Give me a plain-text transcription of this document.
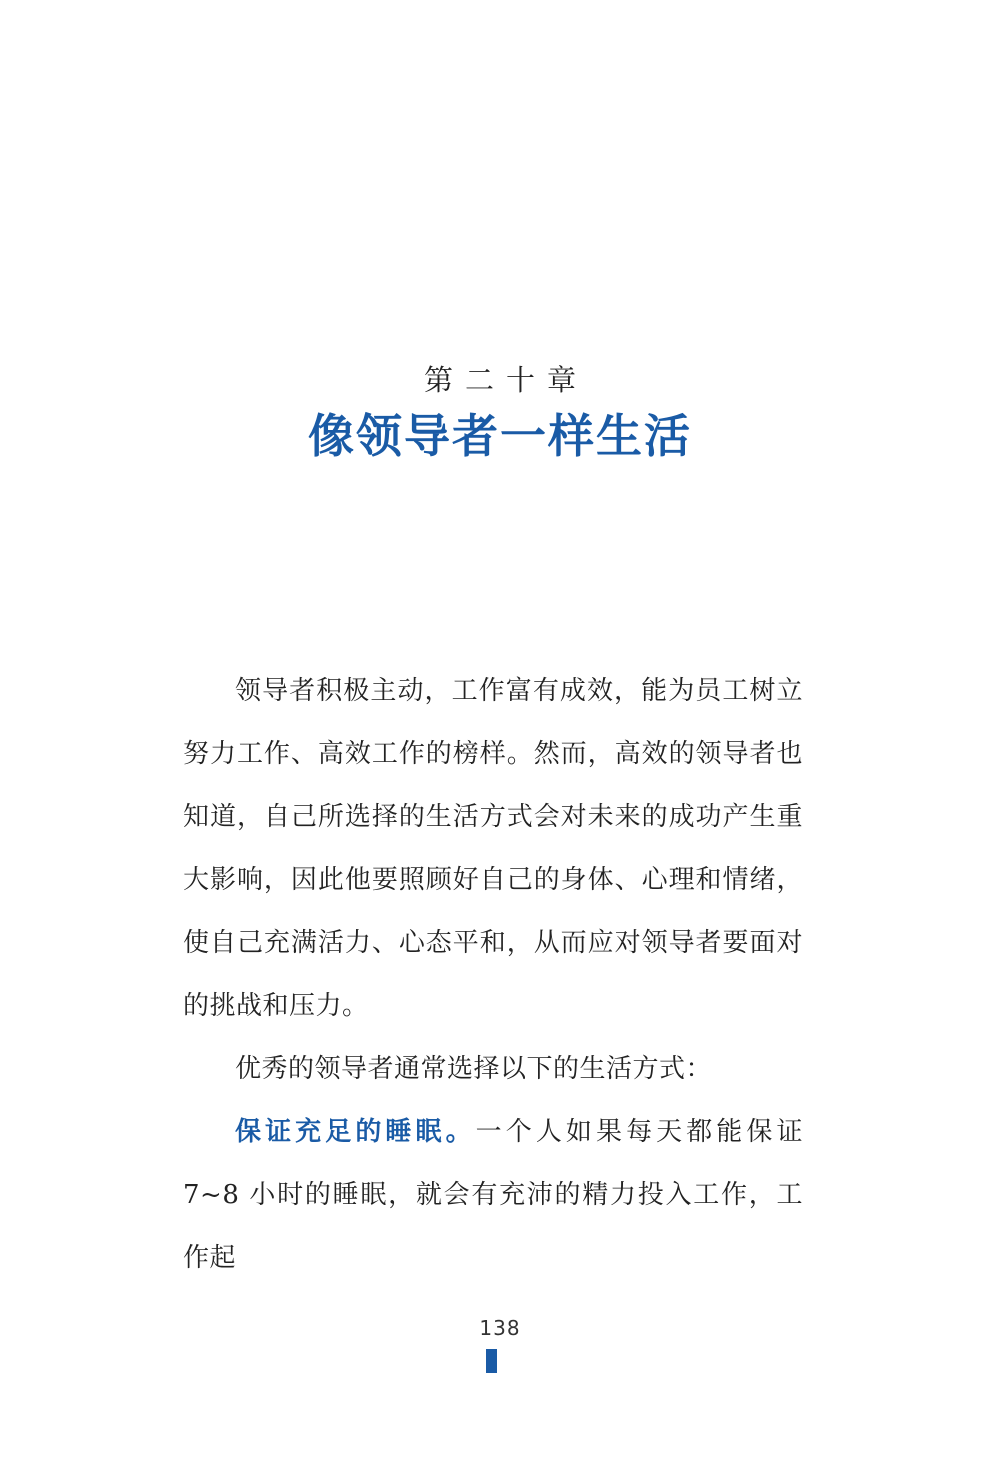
第二十章
像领导者一样生活

领导者积极主动，工作富有成效，能为员工树立努力工作、高效工作的榜样。然而，高效的领导者也知道，自己所选择的生活方式会对未来的成功产生重大影响，因此他要照顾好自己的身体、心理和情绪，使自己充满活力、心态平和，从而应对领导者要面对的挑战和压力。

优秀的领导者通常选择以下的生活方式：

保证充足的睡眠。一个人如果每天都能保证 7~8 小时的睡眠，就会有充沛的精力投入工作，工作起

138
